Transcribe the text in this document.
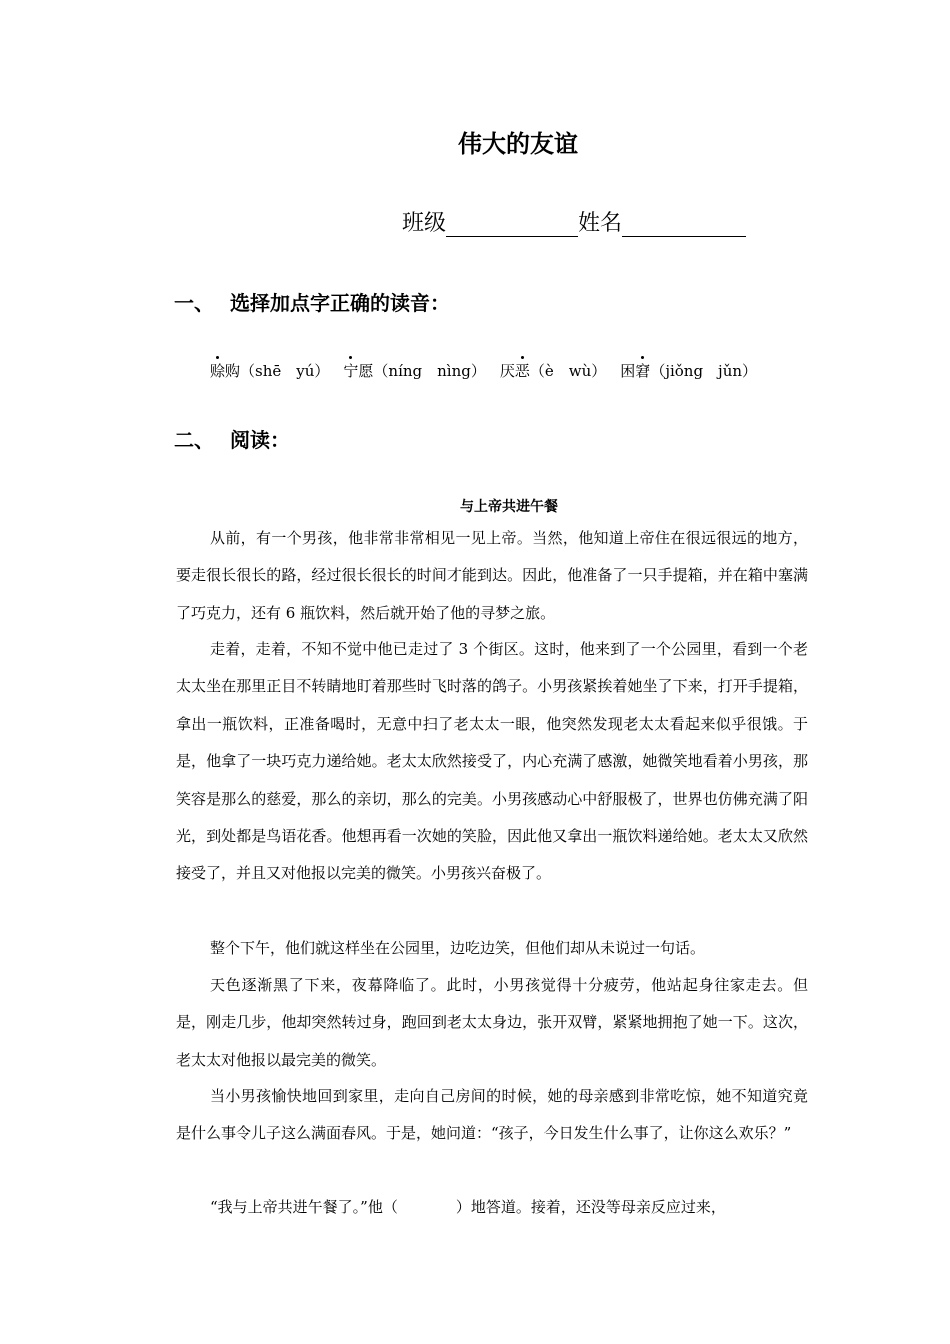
伟大的友谊
班级	姓名
一、 选择加点字正确的读音：
赊购（shē　yú） 宁愿（níng　nìng） 厌恶（è　wù） 困窘（jiǒng　jǔn）
二、 阅读：
与上帝共进午餐
从前，有一个男孩，他非常非常相见一见上帝。当然，他知道上帝住在很远很远的地方，要走很长很长的路，经过很长很长的时间才能到达。因此，他准备了一只手提箱，并在箱中塞满了巧克力，还有 6 瓶饮料，然后就开始了他的寻梦之旅。
走着，走着，不知不觉中他已走过了 3 个街区。这时，他来到了一个公园里，看到一个老太太坐在那里正目不转睛地盯着那些时飞时落的鸽子。小男孩紧挨着她坐了下来，打开手提箱，拿出一瓶饮料，正准备喝时，无意中扫了老太太一眼，他突然发现老太太看起来似乎很饿。于是，他拿了一块巧克力递给她。老太太欣然接受了，内心充满了感激，她微笑地看着小男孩，那笑容是那么的慈爱，那么的亲切，那么的完美。小男孩感动心中舒服极了，世界也仿佛充满了阳光，到处都是鸟语花香。他想再看一次她的笑脸，因此他又拿出一瓶饮料递给她。老太太又欣然接受了，并且又对他报以完美的微笑。小男孩兴奋极了。
整个下午，他们就这样坐在公园里，边吃边笑，但他们却从未说过一句话。
天色逐渐黑了下来，夜幕降临了。此时，小男孩觉得十分疲劳，他站起身往家走去。但是，刚走几步，他却突然转过身，跑回到老太太身边，张开双臂，紧紧地拥抱了她一下。这次，老太太对他报以最完美的微笑。
当小男孩愉快地回到家里，走向自己房间的时候，她的母亲感到非常吃惊，她不知道究竟是什么事令儿子这么满面春风。于是，她问道：“孩子，今日发生什么事了，让你这么欢乐？”
“我与上帝共进午餐了。”他（	）地答道。接着，还没等母亲反应过来，
